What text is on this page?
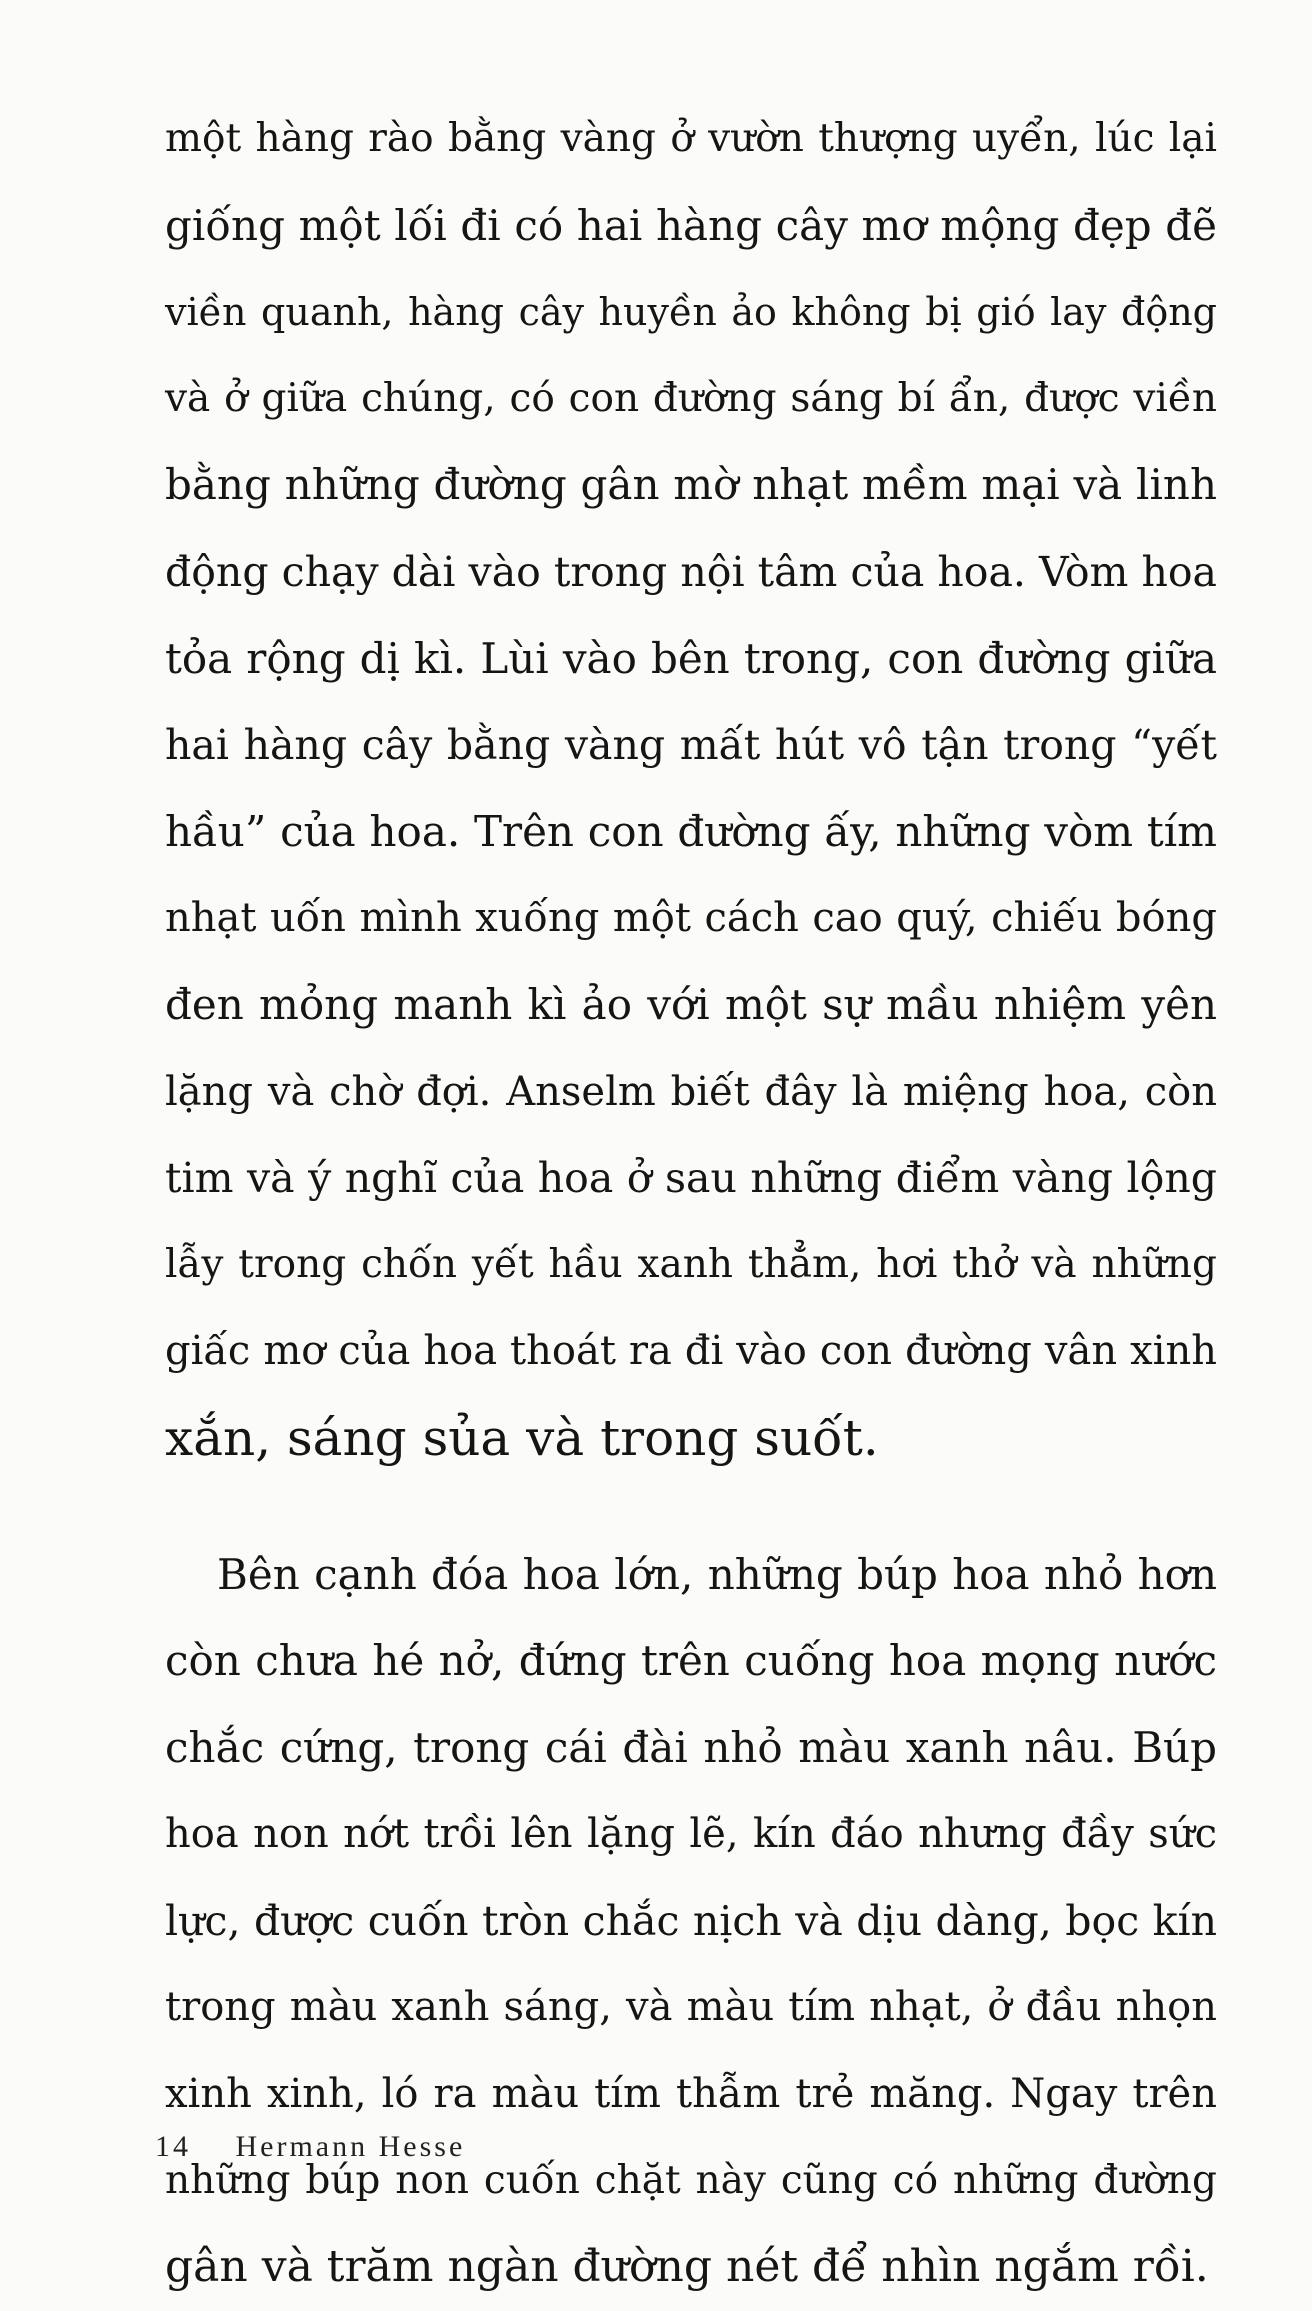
một hàng rào bằng vàng ở vườn thượng uyển, lúc lại
giống một lối đi có hai hàng cây mơ mộng đẹp đẽ
viền quanh, hàng cây huyền ảo không bị gió lay động
và ở giữa chúng, có con đường sáng bí ẩn, được viền
bằng những đường gân mờ nhạt mềm mại và linh
động chạy dài vào trong nội tâm của hoa. Vòm hoa
tỏa rộng dị kì. Lùi vào bên trong, con đường giữa
hai hàng cây bằng vàng mất hút vô tận trong “yết
hầu” của hoa. Trên con đường ấy, những vòm tím
nhạt uốn mình xuống một cách cao quý, chiếu bóng
đen mỏng manh kì ảo với một sự mầu nhiệm yên
lặng và chờ đợi. Anselm biết đây là miệng hoa, còn
tim và ý nghĩ của hoa ở sau những điểm vàng lộng
lẫy trong chốn yết hầu xanh thẳm, hơi thở và những
giấc mơ của hoa thoát ra đi vào con đường vân xinh
xắn, sáng sủa và trong suốt.
Bên cạnh đóa hoa lớn, những búp hoa nhỏ hơn
còn chưa hé nở, đứng trên cuống hoa mọng nước
chắc cứng, trong cái đài nhỏ màu xanh nâu. Búp
hoa non nớt trồi lên lặng lẽ, kín đáo nhưng đầy sức
lực, được cuốn tròn chắc nịch và dịu dàng, bọc kín
trong màu xanh sáng, và màu tím nhạt, ở đầu nhọn
xinh xinh, ló ra màu tím thẫm trẻ măng. Ngay trên
những búp non cuốn chặt này cũng có những đường
gân và trăm ngàn đường nét để nhìn ngắm rồi.
14 Hermann Hesse
